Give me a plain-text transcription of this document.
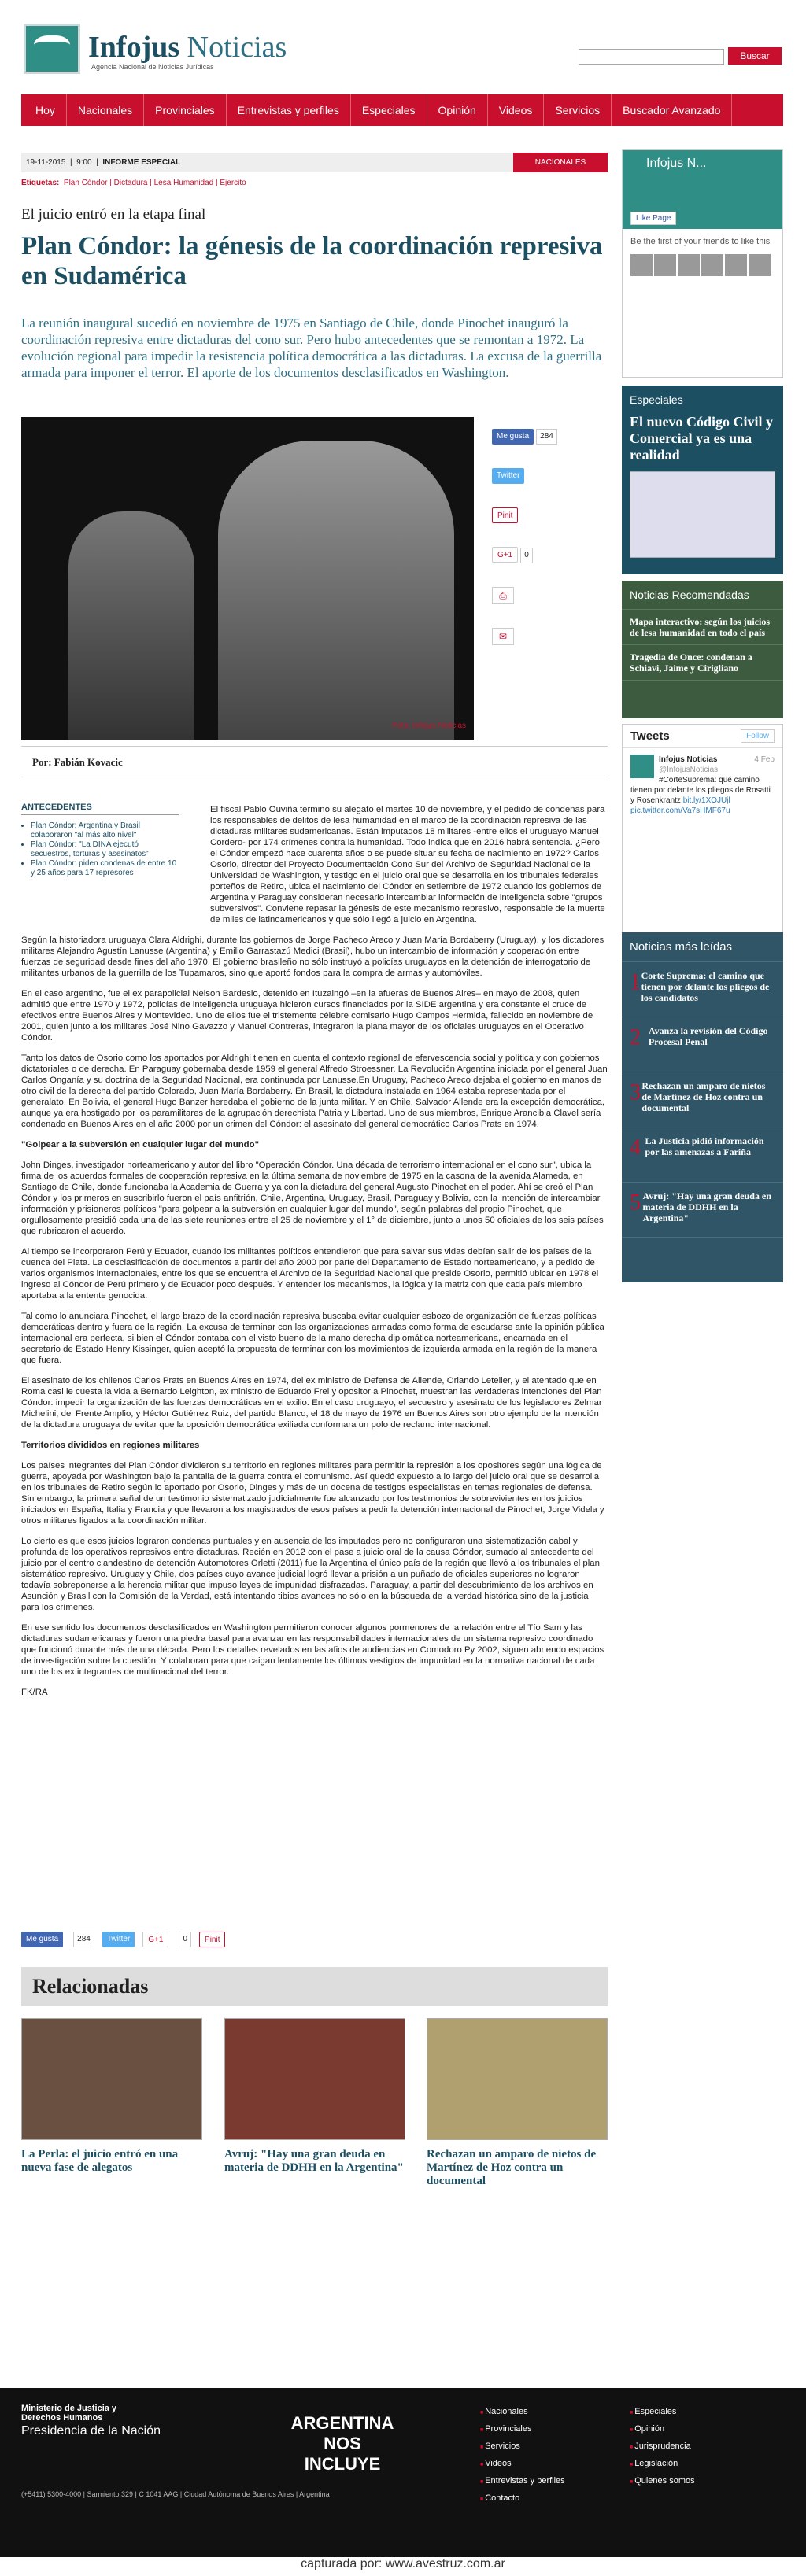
Infojus Noticias
Agencia Nacional de Noticias Jurídicas
Buscar
Hoy	Nacionales	Provinciales	Entrevistas y perfiles	Especiales	Opinión	Videos	Servicios	Buscador Avanzado
19-11-2015  |  9:00  |  INFORME ESPECIAL	NACIONALES
Etiquetas: Plan Cóndor | Dictadura | Lesa Humanidad | Ejercito
El juicio entró en la etapa final
Plan Cóndor: la génesis de la coordinación represiva en Sudamérica
La reunión inaugural sucedió en noviembre de 1975 en Santiago de Chile, donde Pinochet inauguró la coordinación represiva entre dictaduras del cono sur. Pero hubo antecedentes que se remontan a 1972. La evolución regional para impedir la resistencia política democrática a las dictaduras. La excusa de la guerrilla armada para imponer el terror. El aporte de los documentos desclasificados en Washington.
Foto: Infojus Noticias
Me gusta 284
Twitter
Pinit
G+1 0
⎙
✉
Por: Fabián Kovacic

El fiscal Pablo Ouviña terminó su alegato el martes 10 de noviembre, y el pedido de condenas para los responsables de delitos de lesa humanidad en el marco de la coordinación represiva de las dictaduras militares sudamericanas. Están imputados 18 militares -entre ellos el uruguayo Manuel Cordero- por 174 crímenes contra la humanidad. Todo indica que en 2016 habrá sentencia. ¿Pero el Cóndor empezó hace cuarenta años o se puede situar su fecha de nacimiento en 1972? Carlos Osorio, director del Proyecto Documentación Cono Sur del Archivo de Seguridad Nacional de la Universidad de Washington, y testigo en el juicio oral que se desarrolla en los tribunales federales porteños de Retiro, ubica el nacimiento del Cóndor en setiembre de 1972 cuando los gobiernos de Argentina y Paraguay consideran necesario intercambiar información de inteligencia sobre "grupos subversivos". Conviene repasar la génesis de este mecanismo represivo, responsable de la muerte de miles de latinoamericanos y que sólo llegó a juicio en Argentina.

Según la historiadora uruguaya Clara Aldrighi, durante los gobiernos de Jorge Pacheco Areco y Juan María Bordaberry (Uruguay), y los dictadores militares Alejandro Agustín Lanusse (Argentina) y Emilio Garrastazú Medici (Brasil), hubo un intercambio de información y cooperación entre fuerzas de seguridad desde fines del año 1970. El gobierno brasileño no sólo instruyó a policías uruguayos en la detención de interrogatorio de militantes urbanos de la guerrilla de los Tupamaros, sino que aportó fondos para la compra de armas y automóviles.

En el caso argentino, fue el ex parapolicial Nelson Bardesio, detenido en Ituzaingó –en la afueras de Buenos Aires– en mayo de 2008, quien admitió que entre 1970 y 1972, policías de inteligencia uruguaya hicieron cursos financiados por la SIDE argentina y era constante el cruce de efectivos entre Buenos Aires y Montevideo. Uno de ellos fue el tristemente célebre comisario Hugo Campos Hermida, fallecido en noviembre de 2001, quien junto a los militares José Nino Gavazzo y Manuel Contreras, integraron la plana mayor de los oficiales uruguayos en el Operativo Cóndor.

Tanto los datos de Osorio como los aportados por Aldrighi tienen en cuenta el contexto regional de efervescencia social y política y con gobiernos dictatoriales o de derecha. En Paraguay gobernaba desde 1959 el general Alfredo Stroessner. La Revolución Argentina iniciada por el general Juan Carlos Onganía y su doctrina de la Seguridad Nacional, era continuada por Lanusse.En Uruguay, Pacheco Areco dejaba el gobierno en manos de otro civil de la derecha del partido Colorado, Juan María Bordaberry. En Brasil, la dictadura instalada en 1964 estaba representada por el generalato. En Bolivia, el general Hugo Banzer heredaba el gobierno de la junta militar. Y en Chile, Salvador Allende era la excepción democrática, aunque ya era hostigado por los paramilitares de la agrupación derechista Patria y Libertad. Uno de sus miembros, Enrique Arancibia Clavel sería condenado en Buenos Aires en el año 2000 por un crimen del Cóndor: el asesinato del general democrático Carlos Prats en 1974.

"Golpear a la subversión en cualquier lugar del mundo"

John Dinges, investigador norteamericano y autor del libro "Operación Cóndor. Una década de terrorismo internacional en el cono sur", ubica la firma de los acuerdos formales de cooperación represiva en la última semana de noviembre de 1975 en la casona de la avenida Alameda, en Santiago de Chile, donde funcionaba la Academia de Guerra y ya con la dictadura del general Augusto Pinochet en el poder. Ahí se creó el Plan Cóndor y los primeros en suscribirlo fueron el país anfitrión, Chile, Argentina, Uruguay, Brasil, Paraguay y Bolivia, con la intención de intercambiar información y prisioneros políticos "para golpear a la subversión en cualquier lugar del mundo", según palabras del propio Pinochet, que orgullosamente presidió cada una de las siete reuniones entre el 25 de noviembre y el 1° de diciembre, junto a unos 50 oficiales de los seis países que rubricaron el acuerdo.

Al tiempo se incorporaron Perú y Ecuador, cuando los militantes políticos entendieron que para salvar sus vidas debían salir de los países de la cuenca del Plata. La desclasificación de documentos a partir del año 2000 por parte del Departamento de Estado norteamericano, y a pedido de varios organismos internacionales, entre los que se encuentra el Archivo de la Seguridad Nacional que preside Osorio, permitió ubicar en 1978 el ingreso al Cóndor de Perú primero y de Ecuador poco después. Y entender los mecanismos, la lógica y la matriz con que cada país miembro aportaba a la entente genocida.

Tal como lo anunciara Pinochet, el largo brazo de la coordinación represiva buscaba evitar cualquier esbozo de organización de fuerzas políticas democráticas dentro y fuera de la región. La excusa de terminar con las organizaciones armadas como forma de escudarse ante la opinión pública internacional era perfecta, si bien el Cóndor contaba con el visto bueno de la mano derecha diplomática norteamericana, encarnada en el secretario de Estado Henry Kissinger, quien aceptó la propuesta de terminar con los movimientos de izquierda armada en la región de la manera que fuera.

El asesinato de los chilenos Carlos Prats en Buenos Aires en 1974, del ex ministro de Defensa de Allende, Orlando Letelier, y el atentado que en Roma casi le cuesta la vida a Bernardo Leighton, ex ministro de Eduardo Frei y opositor a Pinochet, muestran las verdaderas intenciones del Plan Cóndor: impedir la organización de las fuerzas democráticas en el exilio. En el caso uruguayo, el secuestro y asesinato de los legisladores Zelmar Michelini, del Frente Amplio, y Héctor Gutiérrez Ruiz, del partido Blanco, el 18 de mayo de 1976 en Buenos Aires son otro ejemplo de la intención de la dictadura uruguaya de evitar que la oposición democrática exiliada conformara un polo de reclamo internacional.

Territorios divididos en regiones militares

Los países integrantes del Plan Cóndor dividieron su territorio en regiones militares para permitir la represión a los opositores según una lógica de guerra, apoyada por Washington bajo la pantalla de la guerra contra el comunismo. Así quedó expuesto a lo largo del juicio oral que se desarrolla en los tribunales de Retiro según lo aportado por Osorio, Dinges y más de un docena de testigos especialistas en temas regionales de defensa. Sin embargo, la primera señal de un testimonio sistematizado judicialmente fue alcanzado por los testimonios de sobrevivientes en los juicios iniciados en España, Italia y Francia y que llevaron a los magistrados de esos países a pedir la detención internacional de Pinochet, Jorge Videla y otros militares ligados a la coordinación militar.

Lo cierto es que esos juicios lograron condenas puntuales y en ausencia de los imputados pero no configuraron una sistematización cabal y profunda de los operativos represivos entre dictaduras. Recién en 2012 con el pase a juicio oral de la causa Cóndor, sumado al antecedente del juicio por el centro clandestino de detención Automotores Orletti (2011) fue la Argentina el único país de la región que llevó a los tribunales el plan sistemático represivo. Uruguay y Chile, dos países cuyo avance judicial logró llevar a prisión a un puñado de oficiales superiores no lograron todavía sobreponerse a la herencia militar que impuso leyes de impunidad disfrazadas. Paraguay, a partir del descubrimiento de los archivos en Asunción y Brasil con la Comisión de la Verdad, está intentando tibios avances no sólo en la búsqueda de la verdad histórica sino de la justicia para los crímenes.

En ese sentido los documentos desclasificados en Washington permitieron conocer algunos pormenores de la relación entre el Tío Sam y las dictaduras sudamericanas y fueron una piedra basal para avanzar en las responsabilidades internacionales de un sistema represivo coordinado que funcionó durante más de una década. Pero los detalles revelados en las afios de audiencias en Comodoro Py 2002, siguen abriendo espacios de investigación sobre la cuestión. Y colaboran para que caigan lentamente los últimos vestigios de impunidad en la normativa nacional de cada uno de los ex integrantes de multinacional del terror.

FK/RA

ANTECEDENTES
• Plan Cóndor: Argentina y Brasil colaboraron "al más alto nivel"
• Plan Cóndor: "La DINA ejecutó secuestros, torturas y asesinatos"
• Plan Cóndor: piden condenas de entre 10 y 25 años para 17 represores
Me gusta	284	Twitter	G+1	0	Pinit
Relacionadas
La Perla: el juicio entró en una nueva fase de alegatos
Avruj: "Hay una gran deuda en materia de DDHH en la Argentina"
Rechazan un amparo de nietos de Martínez de Hoz contra un documental
Infojus N...
Like Page
Be the first of your friends to like this
Especiales
El nuevo Código Civil y Comercial ya es una realidad
Noticias Recomendadas

Mapa interactivo: según los juicios de lesa humanidad en todo el país

Tragedia de Once: condenan a Schiavi, Jaime y Cirigliano

Tweets	Follow
Infojus Noticias	4 Feb

@InfojusNoticias
#CorteSuprema: qué camino tienen por delante los pliegos de Rosatti y Rosenkrantz bit.ly/1XOJUjl pic.twitter.com/Va7sHMF67u
Noticias más leídas
1 Corte Suprema: el camino que tienen por delante los pliegos de los candidatos
2 Avanza la revisión del Código Procesal Penal
3 Rechazan un amparo de nietos de Martínez de Hoz contra un documental
4 La Justicia pidió información por las amenazas a Fariña
5 Avruj: "Hay una gran deuda en materia de DDHH en la Argentina"
Ministerio de Justicia y Derechos Humanos
Presidencia de la Nación
(+5411) 5300-4000 | Sarmiento 329 | C 1041 AAG | Ciudad Autónoma de Buenos Aires | Argentina
ARGENTINA NOS INCLUYE
■ Nacionales
■ Provinciales
■ Servicios
■ Videos
■ Entrevistas y perfiles
■ Contacto
■ Especiales
■ Opinión
■ Jurisprudencia
■ Legislación
■ Quienes somos
capturada por: www.avestruz.com.ar
